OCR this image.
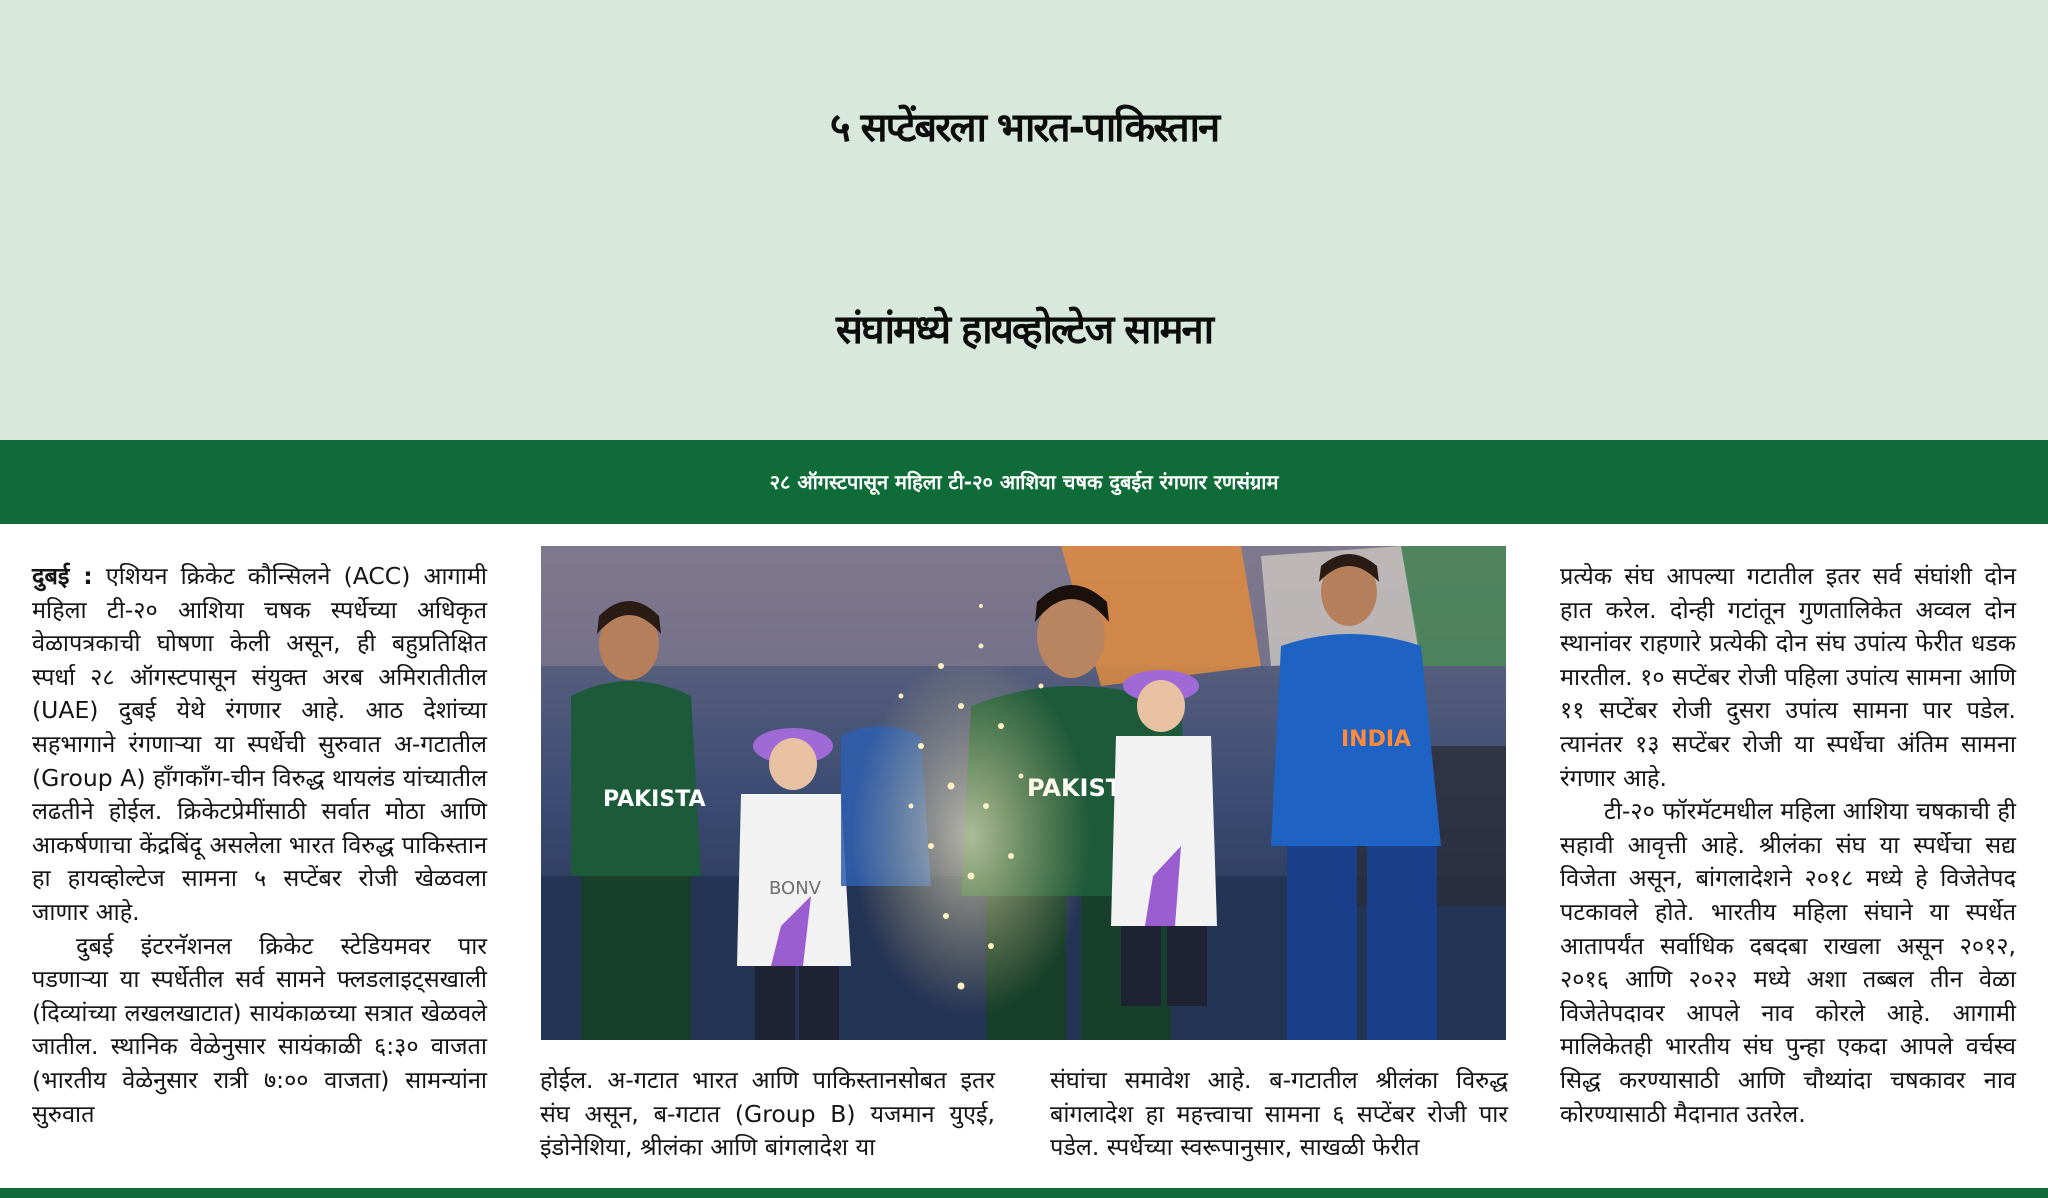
५ सप्टेंबरला भारत-पाकिस्तान
संघांमध्ये हायव्होल्टेज सामना
२८ ऑगस्टपासून महिला टी-२० आशिया चषक दुबईत रंगणार रणसंग्राम

दुबई : एशियन क्रिकेट कौन्सिलने (ACC) आगामी महिला टी-२० आशिया चषक स्पर्धेच्या अधिकृत वेळापत्रकाची घोषणा केली असून, ही बहुप्रतिक्षित स्पर्धा २८ ऑगस्टपासून संयुक्त अरब अमिरातीतील (UAE) दुबई येथे रंगणार आहे. आठ देशांच्या सहभागाने रंगणाऱ्या या स्पर्धेची सुरुवात अ-गटातील (Group A) हाँगकाँग-चीन विरुद्ध थायलंड यांच्यातील लढतीने होईल. क्रिकेटप्रेमींसाठी सर्वात मोठा आणि आकर्षणाचा केंद्रबिंदू असलेला भारत विरुद्ध पाकिस्तान हा हायव्होल्टेज सामना ५ सप्टेंबर रोजी खेळवला जाणार आहे.

दुबई इंटरनॅशनल क्रिकेट स्टेडियमवर पार पडणाऱ्या या स्पर्धेतील सर्व सामने फ्लडलाइट्सखाली (दिव्यांच्या लखलखाटात) सायंकाळच्या सत्रात खेळवले जातील. स्थानिक वेळेनुसार सायंकाळी ६:३० वाजता (भारतीय वेळेनुसार रात्री ७:०० वाजता) सामन्यांना सुरुवात

PAKISTA
BONV
INDIA

होईल. अ-गटात भारत आणि पाकिस्तानसोबत इतर संघ असून, ब-गटात (Group B) यजमान युएई, इंडोनेशिया, श्रीलंका आणि बांगलादेश या

संघांचा समावेश आहे. ब-गटातील श्रीलंका विरुद्ध बांगलादेश हा महत्त्वाचा सामना ६ सप्टेंबर रोजी पार पडेल. स्पर्धेच्या स्वरूपानुसार, साखळी फेरीत

प्रत्येक संघ आपल्या गटातील इतर सर्व संघांशी दोन हात करेल. दोन्ही गटांतून गुणतालिकेत अव्वल दोन स्थानांवर राहणारे प्रत्येकी दोन संघ उपांत्य फेरीत धडक मारतील. १० सप्टेंबर रोजी पहिला उपांत्य सामना आणि ११ सप्टेंबर रोजी दुसरा उपांत्य सामना पार पडेल. त्यानंतर १३ सप्टेंबर रोजी या स्पर्धेचा अंतिम सामना रंगणार आहे.

टी-२० फॉरमॅटमधील महिला आशिया चषकाची ही सहावी आवृत्ती आहे. श्रीलंका संघ या स्पर्धेचा सद्य विजेता असून, बांगलादेशने २०१८ मध्ये हे विजेतेपद पटकावले होते. भारतीय महिला संघाने या स्पर्धेत आतापर्यंत सर्वाधिक दबदबा राखला असून २०१२, २०१६ आणि २०२२ मध्ये अशा तब्बल तीन वेळा विजेतेपदावर आपले नाव कोरले आहे. आगामी मालिकेतही भारतीय संघ पुन्हा एकदा आपले वर्चस्व सिद्ध करण्यासाठी आणि चौथ्यांदा चषकावर नाव कोरण्यासाठी मैदानात उतरेल.
